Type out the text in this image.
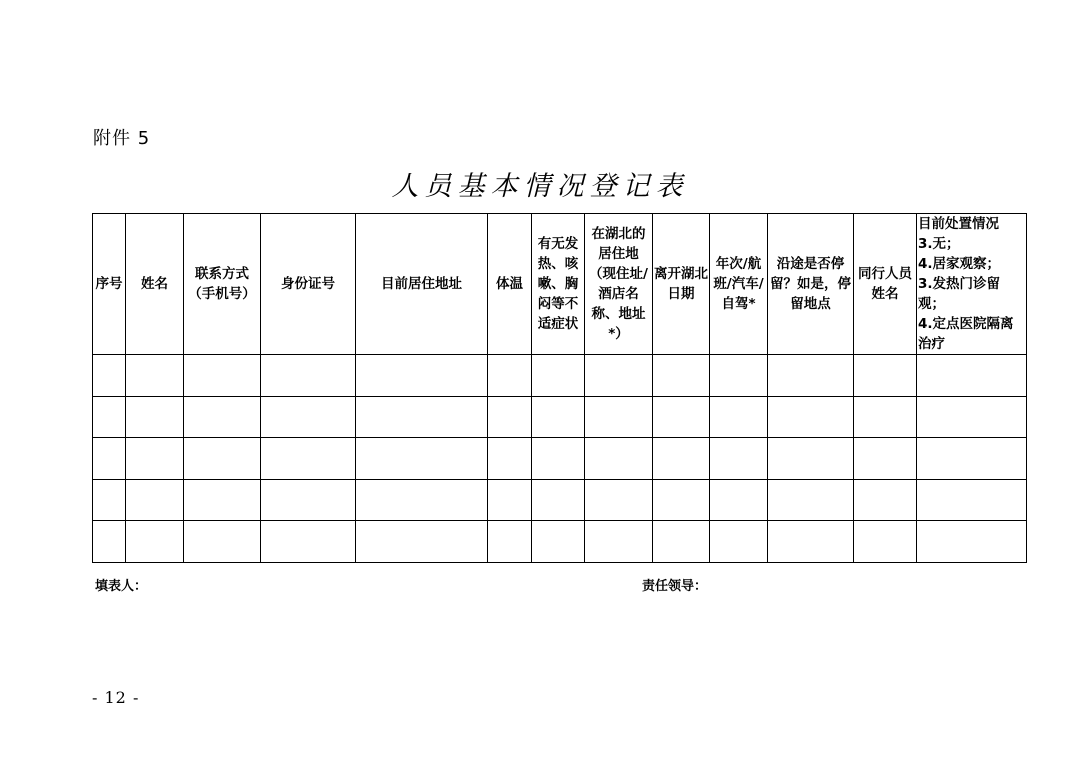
附件 5
人员基本情况登记表
序号	姓名	联系方式（手机号）	身份证号	目前居住地址	体温	有无发热、咳嗽、胸闷等不适症状	在湖北的居住地（现住址/酒店名称、地址*）	离开湖北日期	年次/航班/汽车/自驾*	沿途是否停留？如是，停留地点	同行人员姓名	目前处置情况
3.无；
4.居家观察；
3.发热门诊留观；
4.定点医院隔离治疗

填表人：	责任领导：
- 12 -
